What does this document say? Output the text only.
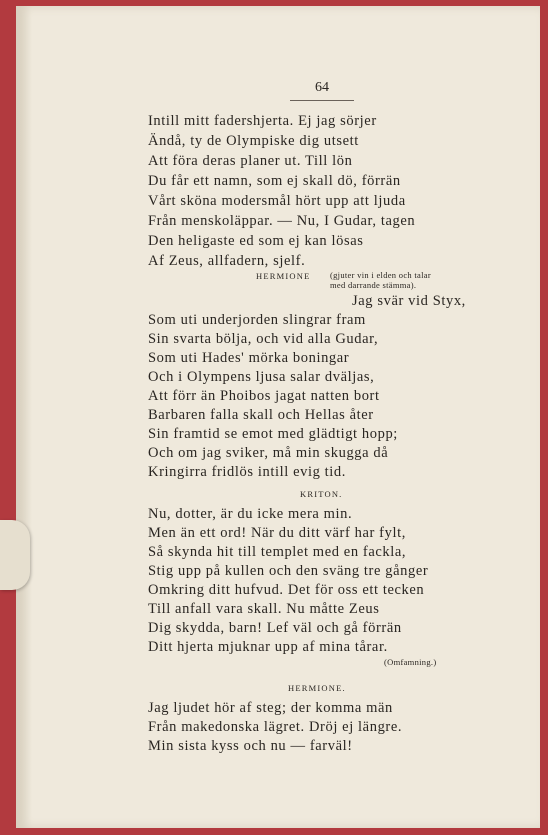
64
Intill mitt fadershjerta. Ej jag sörjer
Ändå, ty de Olympiske dig utsett
Att föra deras planer ut. Till lön
Du får ett namn, som ej skall dö, förrän
Vårt sköna modersmål hört upp att ljuda
Från menskoläppar. — Nu, I Gudar, tagen
Den heligaste ed som ej kan lösas
Af Zeus, allfadern, sjelf.
HERMIONE (gjuter vin i elden och talar
med darrande stämma).
Jag svär vid Styx,
Som uti underjorden slingrar fram
Sin svarta bölja, och vid alla Gudar,
Som uti Hades' mörka boningar
Och i Olympens ljusa salar dväljas,
Att förr än Phoibos jagat natten bort
Barbaren falla skall och Hellas åter
Sin framtid se emot med glädtigt hopp;
Och om jag sviker, må min skugga då
Kringirra fridlös intill evig tid.
KRITON.
Nu, dotter, är du icke mera min.
Men än ett ord! När du ditt värf har fylt,
Så skynda hit till templet med en fackla,
Stig upp på kullen och den sväng tre gånger
Omkring ditt hufvud. Det för oss ett tecken
Till anfall vara skall. Nu måtte Zeus
Dig skydda, barn! Lef väl och gå förrän
Ditt hjerta mjuknar upp af mina tårar.
(Omfamning.)
HERMIONE.
Jag ljudet hör af steg; der komma män
Från makedonska lägret. Dröj ej längre.
Min sista kyss och nu — farväl!
